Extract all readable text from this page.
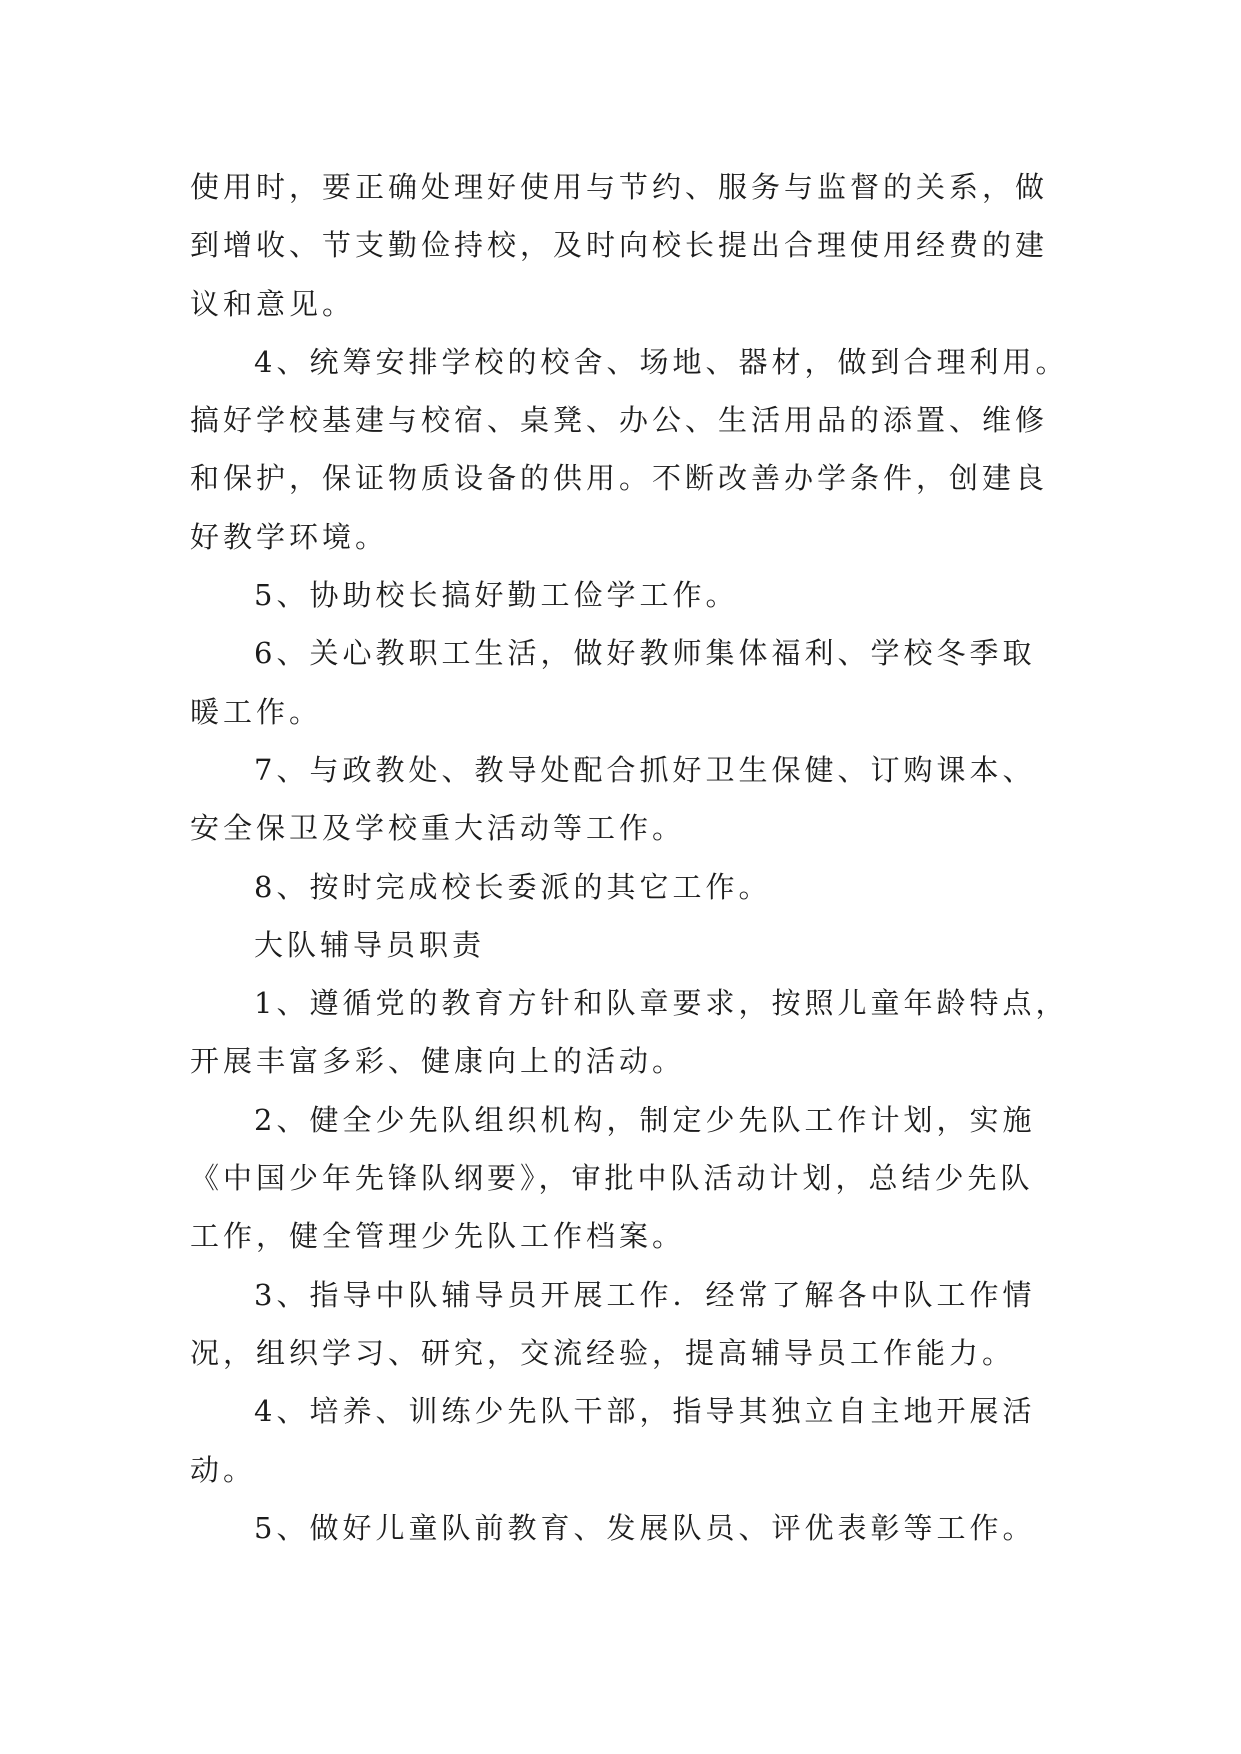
使用时，要正确处理好使用与节约、服务与监督的关系，做
到增收、节支勤俭持校，及时向校长提出合理使用经费的建
议和意见。
4、统筹安排学校的校舍、场地、器材，做到合理利用。
搞好学校基建与校宿、桌凳、办公、生活用品的添置、维修
和保护，保证物质设备的供用。不断改善办学条件，创建良
好教学环境。
5、协助校长搞好勤工俭学工作。
6、关心教职工生活，做好教师集体福利、学校冬季取
暖工作。
7、与政教处、教导处配合抓好卫生保健、订购课本、
安全保卫及学校重大活动等工作。
8、按时完成校长委派的其它工作。
大队辅导员职责
1、遵循党的教育方针和队章要求，按照儿童年龄特点，
开展丰富多彩、健康向上的活动。
2、健全少先队组织机构，制定少先队工作计划，实施
《中国少年先锋队纲要》，审批中队活动计划，总结少先队
工作，健全管理少先队工作档案。
3、指导中队辅导员开展工作．经常了解各中队工作情
况，组织学习、研究，交流经验，提高辅导员工作能力。
4、培养、训练少先队干部，指导其独立自主地开展活
动。
5、做好儿童队前教育、发展队员、评优表彰等工作。
